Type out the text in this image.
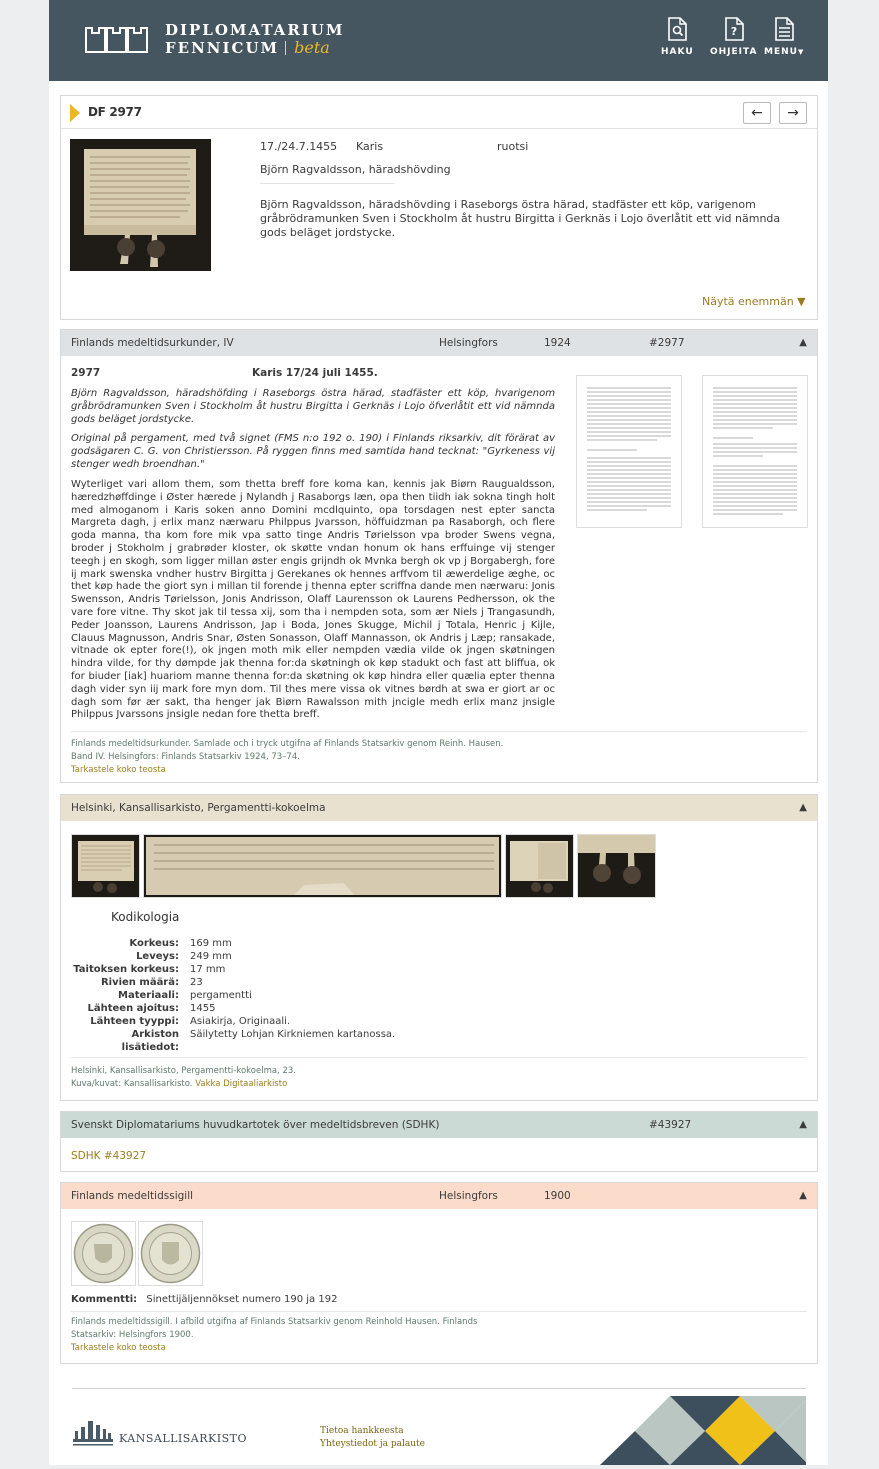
DIPLOMATARIUM
FENNICUM beta	HAKU
?
OHJEITA MENU▼
DF 2977	←	→
17./24.7.1455 Karis	ruotsi
Björn Ragvaldsson, häradshövding
Björn Ragvaldsson, häradshövding i Raseborgs östra härad, stadfäster ett köp, varigenom gråbrödramunken Sven i Stockholm åt hustru Birgitta i Gerknäs i Lojo överlåtit ett vid nämnda gods beläget jordstycke.
Näytä enemmän ▼
Finlands medeltidsurkunder, IV	Helsingfors	1924	#2977	▲
2977	Karis 17/24 juli 1455.
Björn Ragvaldsson, häradshöfding i Raseborgs östra härad, stadfäster ett köp, hvarigenom gråbrödramunken Sven i Stockholm åt hustru Birgitta i Gerknäs i Lojo öfverlåtit ett vid nämnda gods beläget jordstycke.
Original på pergament, med två signet (FMS n:o 192 o. 190) i Finlands riksarkiv, dit förärat av godsägaren C. G. von Christiersson. På ryggen finns med samtida hand tecknat: "Gyrkeness vij stenger wedh broendhan."
Wyterliget vari allom them, som thetta breff fore koma kan, kennis jak Biørn Raugualdsson, hæredzhøffdinge i Øster hærede j Nylandh j Rasaborgs læn, opa then tiidh iak sokna tingh holt med almoganom i Karis soken anno Domini mcdlquinto, opa torsdagen nest epter sancta Margreta dagh, j erlix manz nærwaru Philppus Jvarsson, höffuidzman pa Rasaborgh, och flere goda manna, tha kom fore mik vpa satto tinge Andris Tørielsson vpa broder Swens vegna, broder j Stokholm j grabrøder kloster, ok skøtte vndan honum ok hans erffuinge vij stenger teegh j en skogh, som ligger millan øster engis grijndh ok Mvnka bergh ok vp j Borgabergh, fore ij mark swenska vndher hustrv Birgitta j Gerekanes ok hennes arffvom til æwerdelige æghe, oc thet køp hade the giort syn i millan til forende j thenna epter scriffna dande men nærwaru: Jonis Swensson, Andris Tørielsson, Jonis Andrisson, Olaff Laurensson ok Laurens Pedhersson, ok the vare fore vitne. Thy skot jak til tessa xij, som tha i nempden sota, som ær Niels j Trangasundh, Peder Joansson, Laurens Andrisson, Jap i Boda, Jones Skugge, Michil j Totala, Henric j Kijle, Clauus Magnusson, Andris Snar, Østen Sonasson, Olaff Mannasson, ok Andris j Læp; ransakade, vitnade ok epter fore(!), ok jngen moth mik eller nempden vædia vilde ok jngen skøtningen hindra vilde, for thy dømpde jak thenna for:da skøtningh ok køp stadukt och fast att bliffua, ok for biuder [iak] huariom manne thenna for:da skøtning ok køp hindra eller quælia epter thenna dagh vider syn iij mark fore myn dom. Til thes mere vissa ok vitnes børdh at swa er giort ar oc dagh som før ær sakt, tha henger jak Biørn Rawalsson mith jncigle medh erlix manz jnsigle Philppus Jvarssons jnsigle nedan fore thetta breff.
Finlands medeltidsurkunder. Samlade och i tryck utgifna af Finlands Statsarkiv genom Reinh. Hausen.
Band IV. Helsingfors: Finlands Statsarkiv 1924, 73–74.
Tarkastele koko teosta
Helsinki, Kansallisarkisto, Pergamentti-kokoelma	▲
Kodikologia
Korkeus: 169 mm
Leveys: 249 mm
Taitoksen korkeus: 17 mm
Rivien määrä: 23
Materiaali: pergamentti
Lähteen ajoitus: 1455
Lähteen tyyppi: Asiakirja, Originaali.
Arkiston lisätiedot:
Säilytetty Lohjan Kirkniemen kartanossa.
Helsinki, Kansallisarkisto, Pergamentti-kokoelma, 23.
Kuva/kuvat: Kansallisarkisto. Vakka Digitaaliarkisto
Svenskt Diplomatariums huvudkartotek över medeltidsbreven (SDHK)	#43927	▲
SDHK #43927
Finlands medeltidssigill	Helsingfors	1900	▲
Kommentti: Sinettijäljennökset numero 190 ja 192
Finlands medeltidssigill. I afbild utgifna af Finlands Statsarkiv genom Reinhold Hausen. Finlands
Statsarkiv: Helsingfors 1900.
Tarkastele koko teosta
KANSALLISARKISTO
Tietoa hankkeesta
Yhteystiedot ja palaute
